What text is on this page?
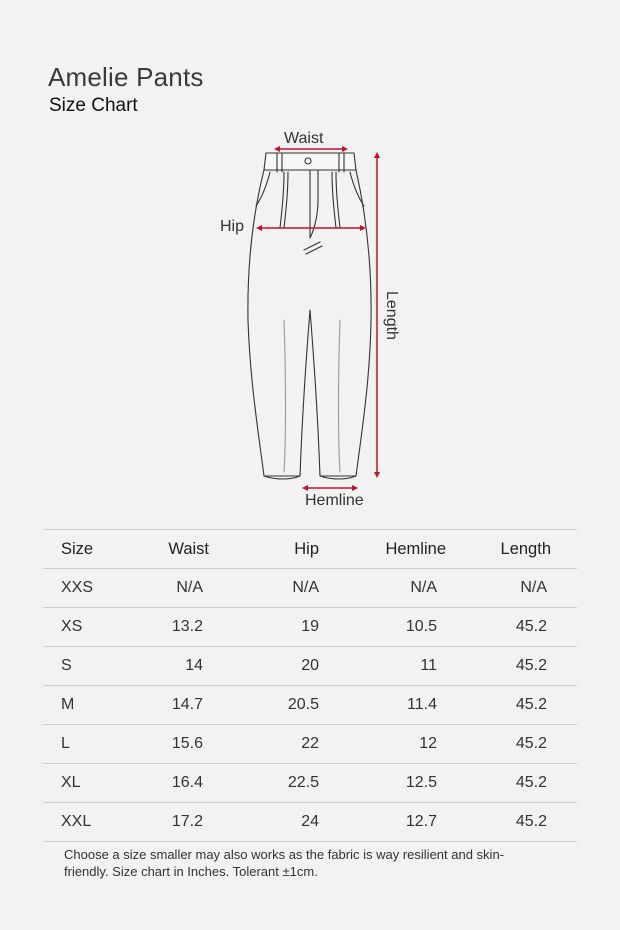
Amelie Pants
Size Chart
Waist
Hip
Length
Hemline
Size	Waist	Hip	Hemline	Length
XXS	N/A	N/A	N/A	N/A
XS	13.2	19	10.5	45.2
S	14	20	11	45.2
M	14.7	20.5	11.4	45.2
L	15.6	22	12	45.2
XL	16.4	22.5	12.5	45.2
XXL	17.2	24	12.7	45.2
Choose a size smaller may also works as the fabric is way resilient and skin-friendly. Size chart in Inches. Tolerant ±1cm.
